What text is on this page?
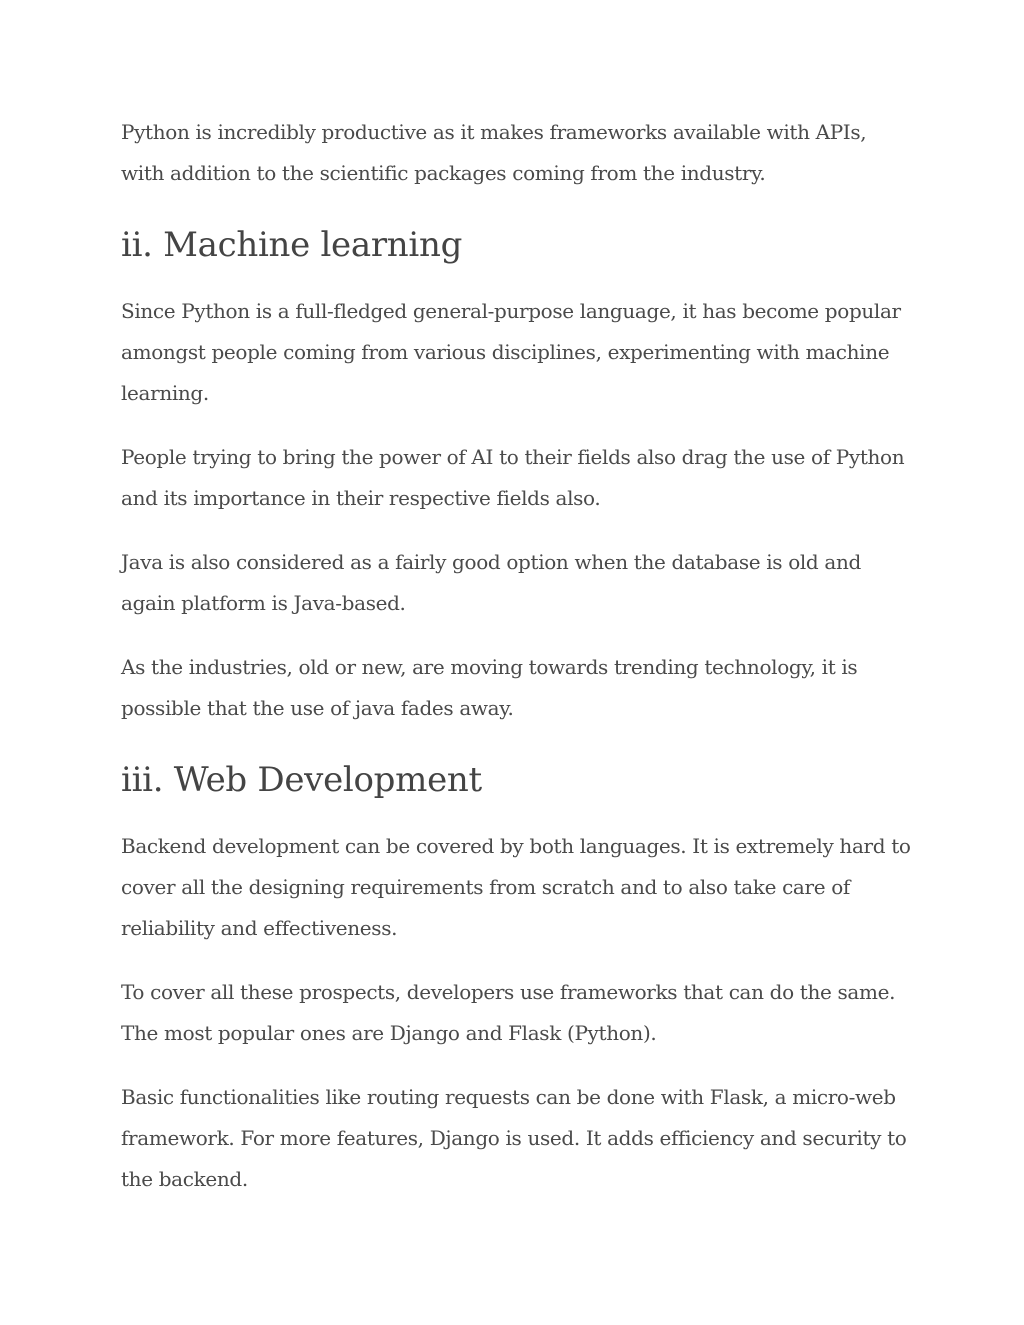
Python is incredibly productive as it makes frameworks available with APIs, with addition to the scientific packages coming from the industry.

ii. Machine learning

Since Python is a full-fledged general-purpose language, it has become popular amongst people coming from various disciplines, experimenting with machine learning.

People trying to bring the power of AI to their fields also drag the use of Python and its importance in their respective fields also.

Java is also considered as a fairly good option when the database is old and again platform is Java-based.

As the industries, old or new, are moving towards trending technology, it is possible that the use of java fades away.

iii. Web Development

Backend development can be covered by both languages. It is extremely hard to cover all the designing requirements from scratch and to also take care of reliability and effectiveness.

To cover all these prospects, developers use frameworks that can do the same. The most popular ones are Django and Flask (Python).

Basic functionalities like routing requests can be done with Flask, a micro-web framework. For more features, Django is used. It adds efficiency and security to the backend.
